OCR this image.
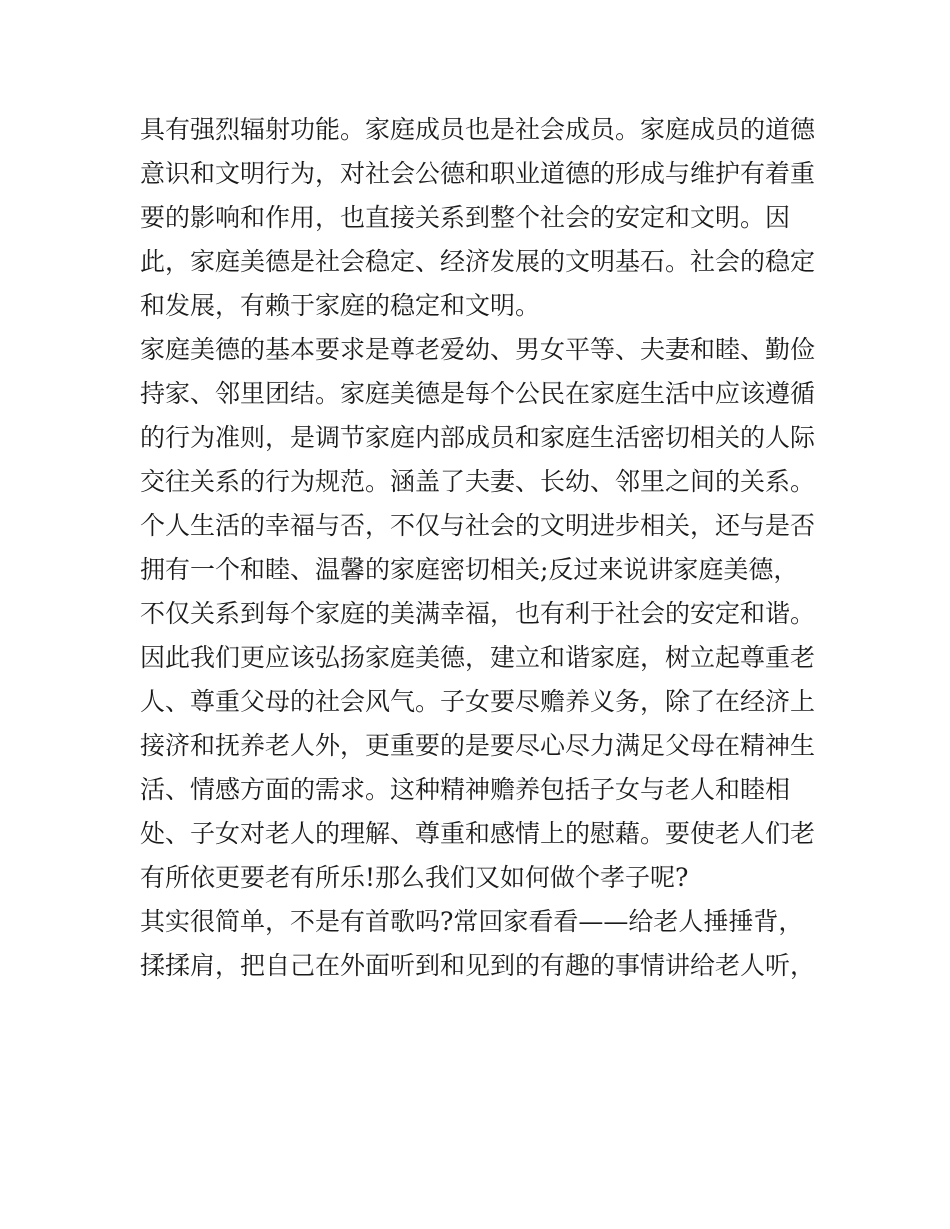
具有强烈辐射功能。家庭成员也是社会成员。家庭成员的道德
意识和文明行为，对社会公德和职业道德的形成与维护有着重
要的影响和作用，也直接关系到整个社会的安定和文明。因
此，家庭美德是社会稳定、经济发展的文明基石。社会的稳定
和发展，有赖于家庭的稳定和文明。
家庭美德的基本要求是尊老爱幼、男女平等、夫妻和睦、勤俭
持家、邻里团结。家庭美德是每个公民在家庭生活中应该遵循
的行为准则，是调节家庭内部成员和家庭生活密切相关的人际
交往关系的行为规范。涵盖了夫妻、长幼、邻里之间的关系。
个人生活的幸福与否，不仅与社会的文明进步相关，还与是否
拥有一个和睦、温馨的家庭密切相关;反过来说讲家庭美德，
不仅关系到每个家庭的美满幸福，也有利于社会的安定和谐。
因此我们更应该弘扬家庭美德，建立和谐家庭，树立起尊重老
人、尊重父母的社会风气。子女要尽赡养义务，除了在经济上
接济和抚养老人外，更重要的是要尽心尽力满足父母在精神生
活、情感方面的需求。这种精神赡养包括子女与老人和睦相
处、子女对老人的理解、尊重和感情上的慰藉。要使老人们老
有所依更要老有所乐!那么我们又如何做个孝子呢?
其实很简单，不是有首歌吗?常回家看看——给老人捶捶背，
揉揉肩，把自己在外面听到和见到的有趣的事情讲给老人听，
